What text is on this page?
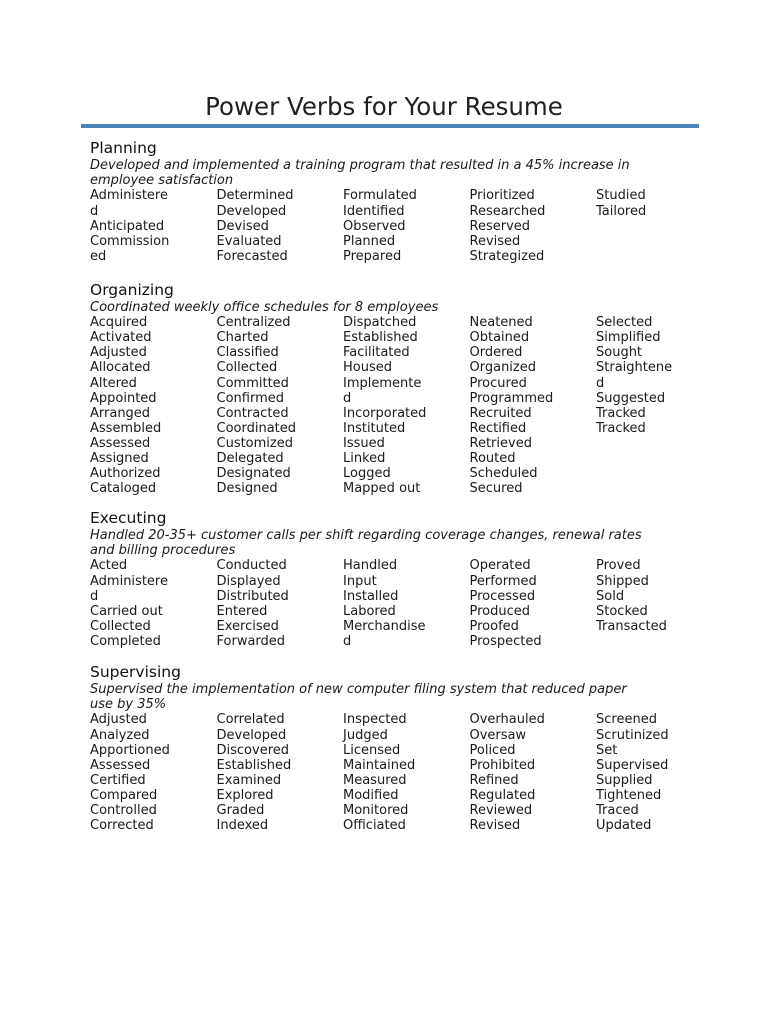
Power Verbs for Your Resume
Planning

Developed and implemented a training program that resulted in a 45% increase in employee satisfaction

Administere
d
Anticipated
Commission
ed
Determined
Developed
Devised
Evaluated
Forecasted
Formulated
Identified
Observed
Planned
Prepared
Prioritized
Researched
Reserved
Revised
Strategized
Studied
Tailored
Organizing

Coordinated weekly office schedules for 8 employees

Acquired
Activated
Adjusted
Allocated
Altered
Appointed
Arranged
Assembled
Assessed
Assigned
Authorized
Cataloged
Centralized
Charted
Classified
Collected
Committed
Confirmed
Contracted
Coordinated
Customized
Delegated
Designated
Designed
Dispatched
Established
Facilitated
Housed
Implemente
d
Incorporated
Instituted
Issued
Linked
Logged
Mapped out
Neatened
Obtained
Ordered
Organized
Procured
Programmed
Recruited
Rectified
Retrieved
Routed
Scheduled
Secured
Selected
Simplified
Sought
Straightene
d
Suggested
Tracked
Tracked
Executing

Handled 20-35+ customer calls per shift regarding coverage changes, renewal rates and billing procedures

Acted
Administere
d
Carried out
Collected
Completed
Conducted
Displayed
Distributed
Entered
Exercised
Forwarded
Handled
Input
Installed
Labored
Merchandise
d
Operated
Performed
Processed
Produced
Proofed
Prospected
Proved
Shipped
Sold
Stocked
Transacted
Supervising

Supervised the implementation of new computer filing system that reduced paper use by 35%

Adjusted
Analyzed
Apportioned
Assessed
Certified
Compared
Controlled
Corrected
Correlated
Developed
Discovered
Established
Examined
Explored
Graded
Indexed
Inspected
Judged
Licensed
Maintained
Measured
Modified
Monitored
Officiated
Overhauled
Oversaw
Policed
Prohibited
Refined
Regulated
Reviewed
Revised
Screened
Scrutinized
Set
Supervised
Supplied
Tightened
Traced
Updated
